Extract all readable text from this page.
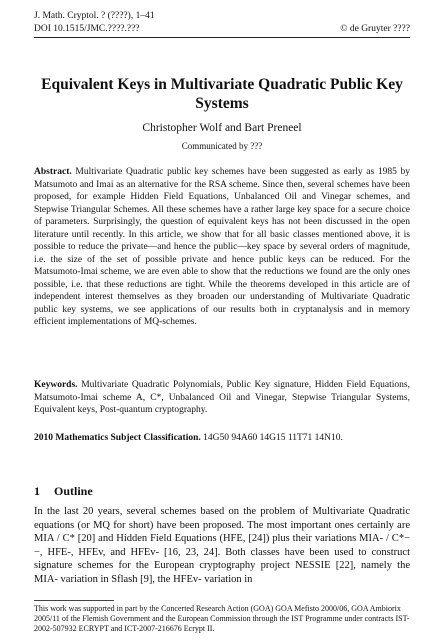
J. Math. Cryptol. ? (????), 1–41
DOI 10.1515/JMC.????.???	© de Gruyter ????
Equivalent Keys in Multivariate Quadratic Public Key Systems
Christopher Wolf and Bart Preneel
Communicated by ???
Abstract. Multivariate Quadratic public key schemes have been suggested as early as 1985 by Matsumoto and Imai as an alternative for the RSA scheme. Since then, several schemes have been proposed, for example Hidden Field Equations, Unbalanced Oil and Vinegar schemes, and Stepwise Triangular Schemes. All these schemes have a rather large key space for a secure choice of parameters. Surprisingly, the question of equivalent keys has not been discussed in the open literature until recently. In this article, we show that for all basic classes mentioned above, it is possible to reduce the private—and hence the public—key space by several orders of magnitude, i.e. the size of the set of possible private and hence public keys can be reduced. For the Matsumoto-Imai scheme, we are even able to show that the reductions we found are the only ones possible, i.e. that these reductions are tight. While the theorems developed in this article are of independent interest themselves as they broaden our understanding of Multivariate Quadratic public key systems, we see applications of our results both in cryptanalysis and in memory efficient implementations of MQ-schemes.
Keywords. Multivariate Quadratic Polynomials, Public Key signature, Hidden Field Equations, Matsumoto-Imai scheme A, C*, Unbalanced Oil and Vinegar, Stepwise Triangular Systems, Equivalent keys, Post-quantum cryptography.
2010 Mathematics Subject Classification. 14G50 94A60 14G15 11T71 14N10.
1 Outline
In the last 20 years, several schemes based on the problem of Multivariate Quadratic equations (or MQ for short) have been proposed. The most important ones certainly are MIA / C* [20] and Hidden Field Equations (HFE, [24]) plus their variations MIA- / C*−−, HFE-, HFEv, and HFEv- [16, 23, 24]. Both classes have been used to construct signature schemes for the European cryptography project NESSIE [22], namely the MIA- variation in Sflash [9], the HFEv- variation in
This work was supported in part by the Concerted Research Action (GOA) GOA Mefisto 2000/06, GOA Ambiorix 2005/11 of the Flemish Government and the European Commission through the IST Programme under contracts IST-2002-507932 ECRYPT and ICT-2007-216676 Ecrypt II.
